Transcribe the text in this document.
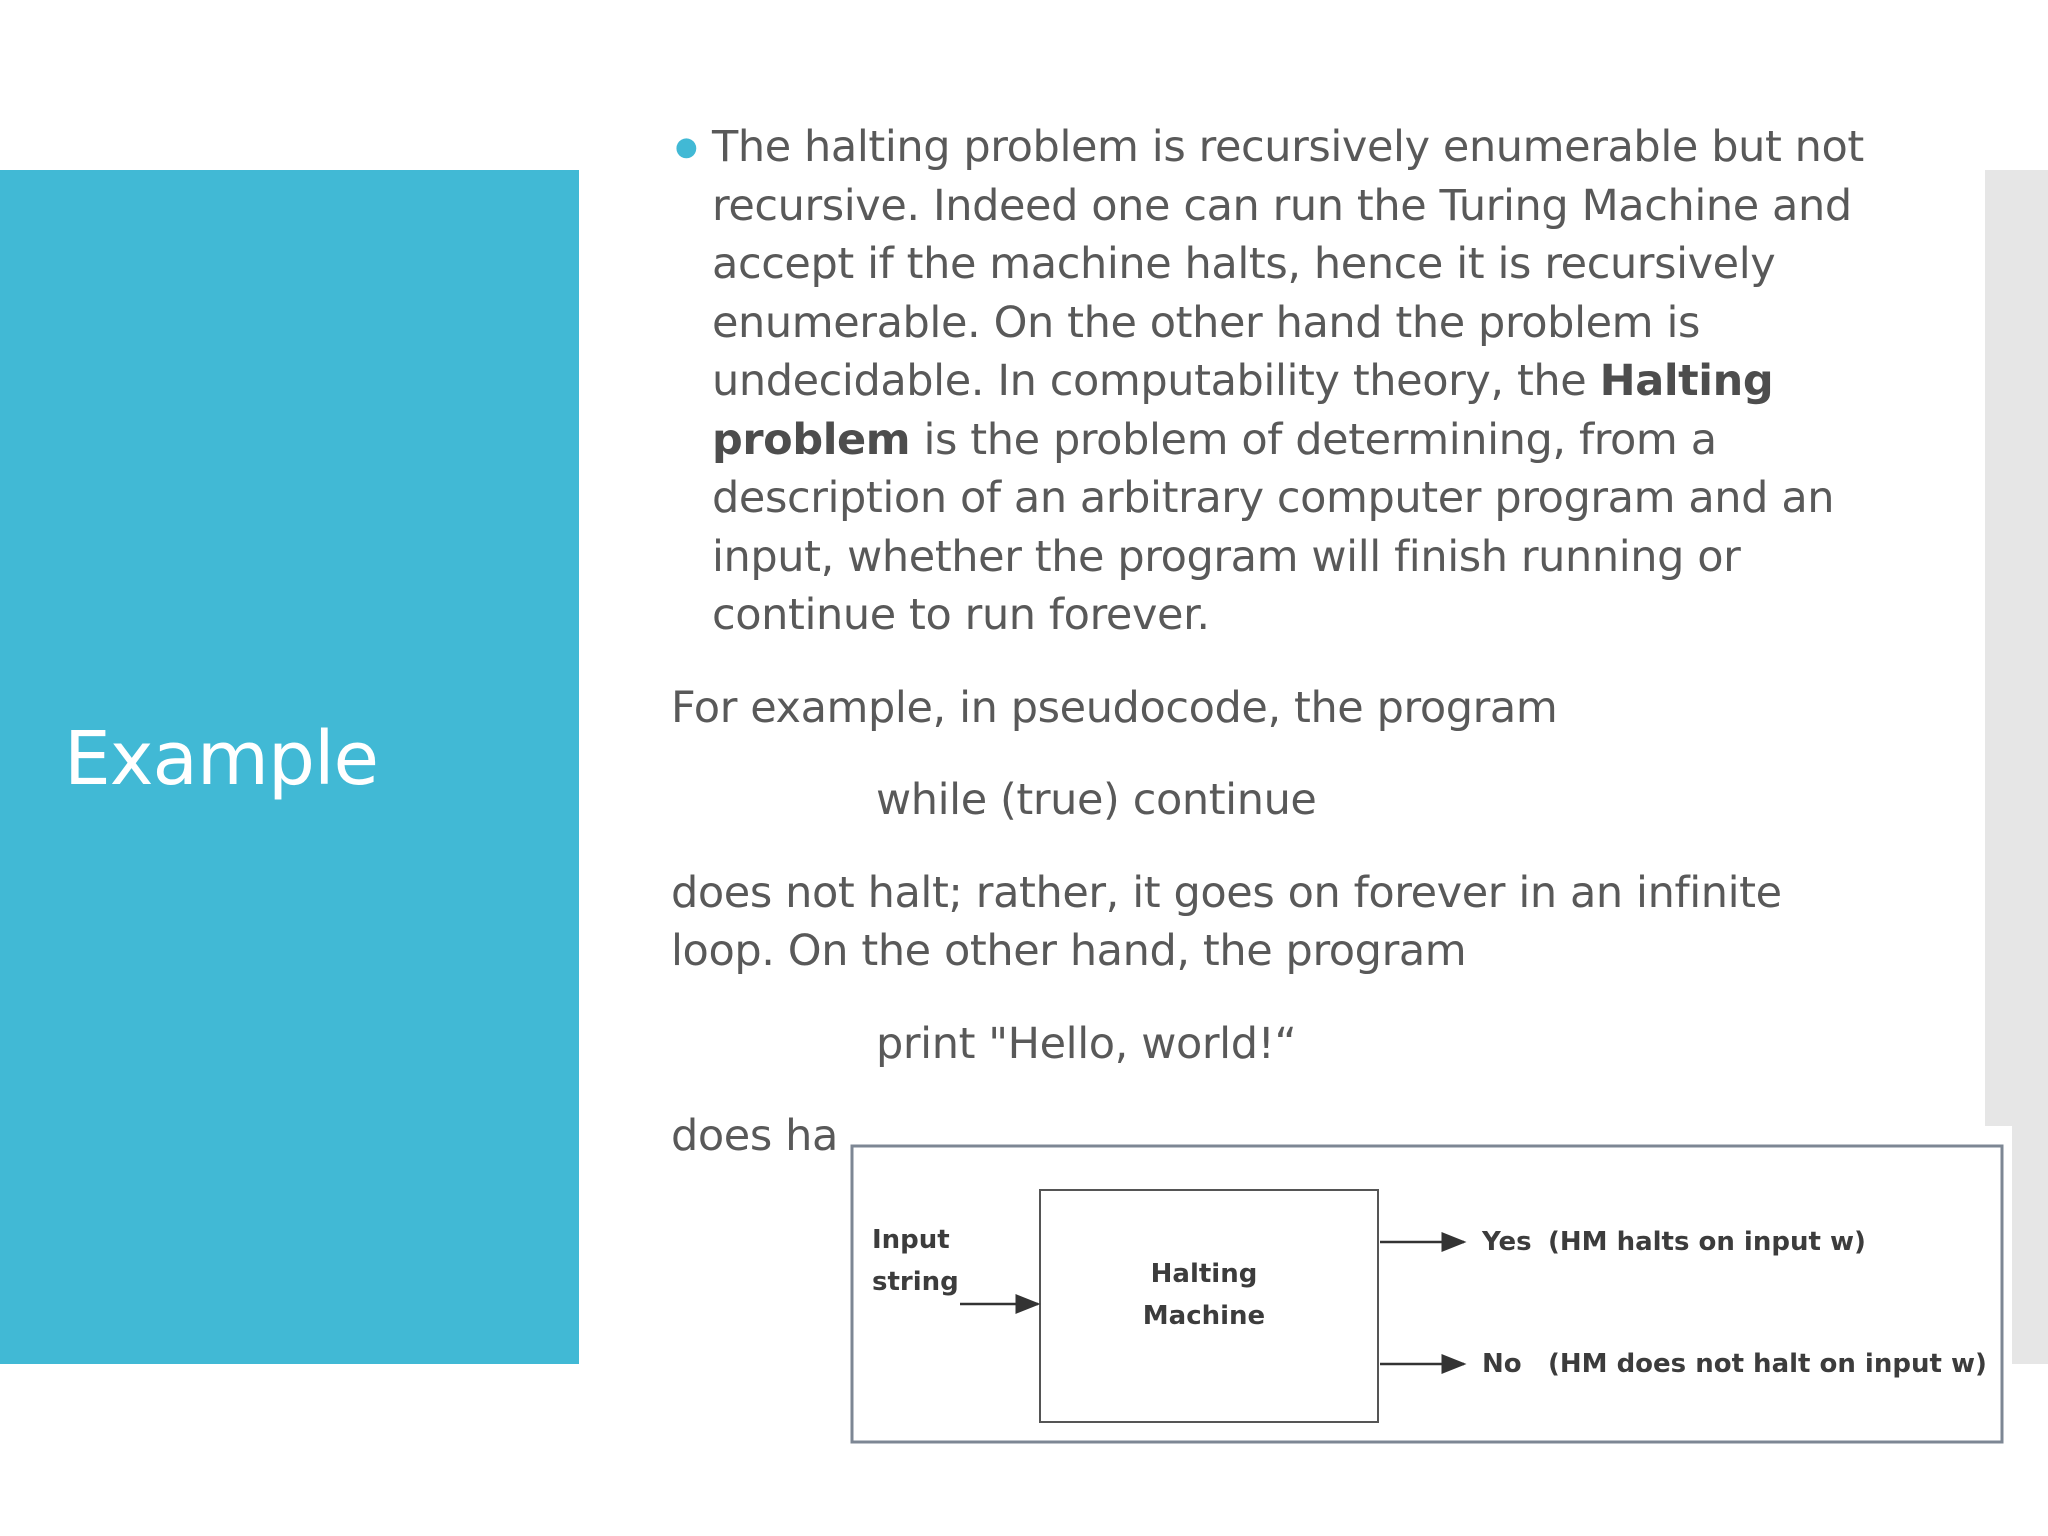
Example
● The halting problem is recursively enumerable but not recursive. Indeed one can run the Turing Machine and accept if the machine halts, hence it is recursively enumerable. On the other hand the problem is undecidable. In computability theory, the Halting problem is the problem of determining, from a description of an arbitrary computer program and an input, whether the program will finish running or continue to run forever.

For example, in pseudocode, the program

while (true) continue

does not halt; rather, it goes on forever in an infinite

loop. On the other hand, the program

print "Hello, world!“

does ha

Input
string	Halting
Machine
Yes (HM halts on input w)
No (HM does not halt on input w)
